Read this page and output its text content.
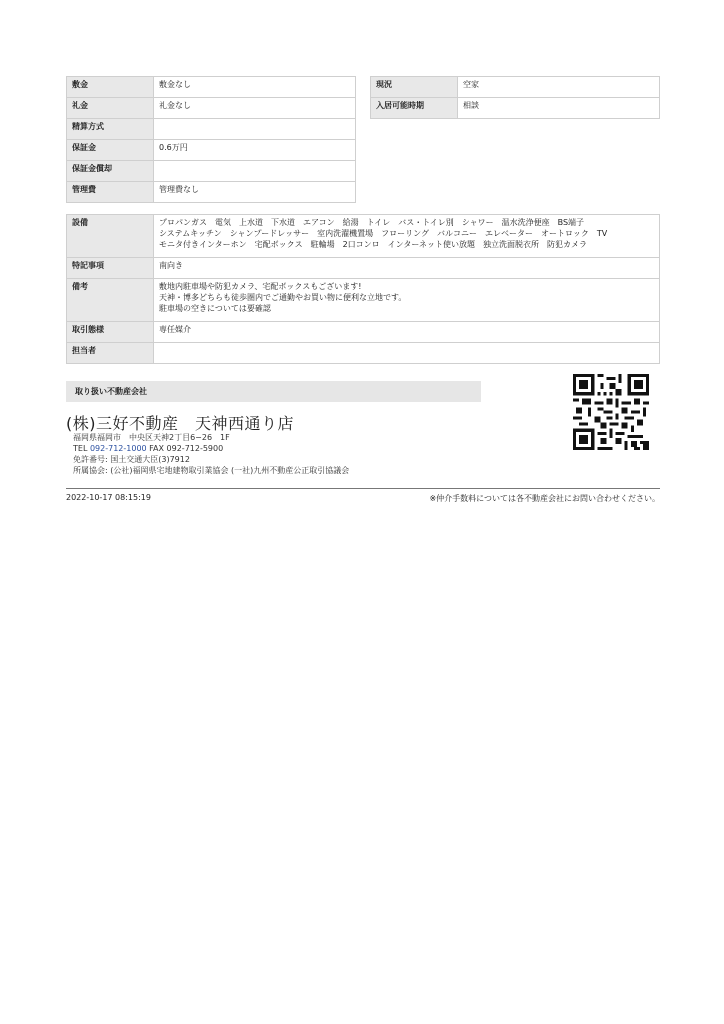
敷金	敷金なし
礼金	礼金なし
精算方式	
保証金	0.6万円
保証金償却	
管理費	管理費なし
現況	空家
入居可能時期	相談
設備	プロパンガス　電気　上水道　下水道　エアコン　給湯　トイレ　バス・トイレ別　シャワー　温水洗浄便座　BS端子
システムキッチン　シャンプードレッサー　室内洗濯機置場　フローリング　バルコニー　エレベーター　オートロック　TV
モニタ付きインターホン　宅配ボックス　駐輪場　2口コンロ　インターネット使い放題　独立洗面脱衣所　防犯カメラ

特記事項	南向き
備考	敷地内駐車場や防犯カメラ、宅配ボックスもございます!
天神・博多どちらも徒歩圏内でご通勤やお買い物に便利な立地です。
駐車場の空きについては要確認

取引態様	専任媒介
担当者	
取り扱い不動産会社
(株)三好不動産　天神西通り店
福岡県福岡市　中央区天神2丁目6−26　1F
TEL 092-712-1000 FAX 092-712-5900
免許番号: 国土交通大臣(3)7912
所属協会: (公社)福岡県宅地建物取引業協会 (一社)九州不動産公正取引協議会
2022-10-17 08:15:19	※仲介手数料については各不動産会社にお問い合わせください。
